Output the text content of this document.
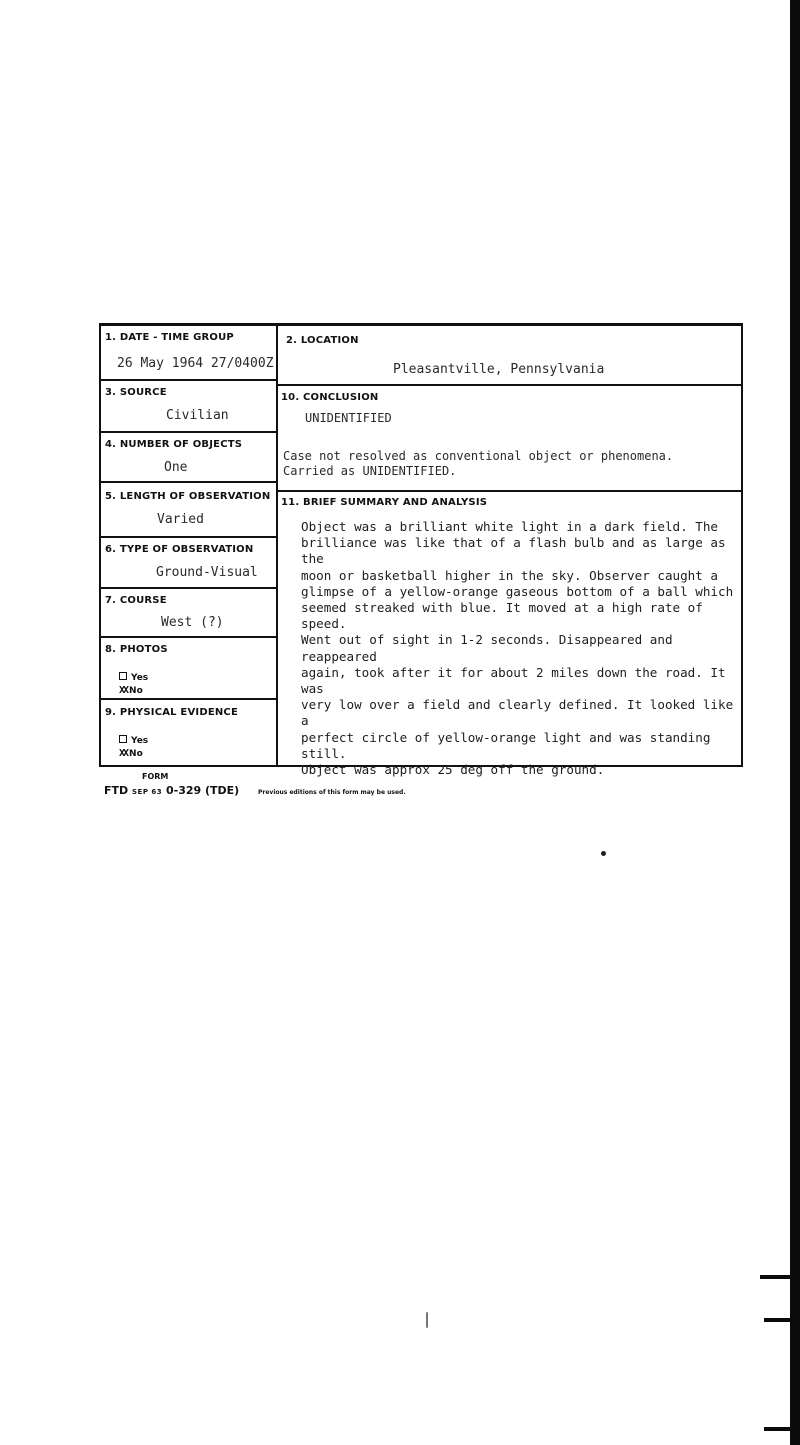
1. DATE - TIME GROUP
26 May 1964 27/0400Z
3. SOURCE
Civilian
4. NUMBER OF OBJECTS
One
5. LENGTH OF OBSERVATION
Varied
6. TYPE OF OBSERVATION
Ground-Visual
7. COURSE
West (?)
8. PHOTOS
Yes
XX No
9. PHYSICAL EVIDENCE
Yes
XX No
2. LOCATION
Pleasantville, Pennsylvania
10. CONCLUSION
UNIDENTIFIED
Case not resolved as conventional object or phenomena.
Carried as UNIDENTIFIED.
11. BRIEF SUMMARY AND ANALYSIS
Object was a brilliant white light in a dark field. The
brilliance was like that of a flash bulb and as large as the
moon or basketball higher in the sky. Observer caught a
glimpse of a yellow-orange gaseous bottom of a ball which
seemed streaked with blue. It moved at a high rate of speed.
Went out of sight in 1-2 seconds. Disappeared and reappeared
again, took after it for about 2 miles down the road. It was
very low over a field and clearly defined. It looked like a
perfect circle of yellow-orange light and was standing still.
Object was approx 25 deg off the ground.
FORM
FTD SEP 63 0-329 (TDE)	Previous editions of this form may be used.
